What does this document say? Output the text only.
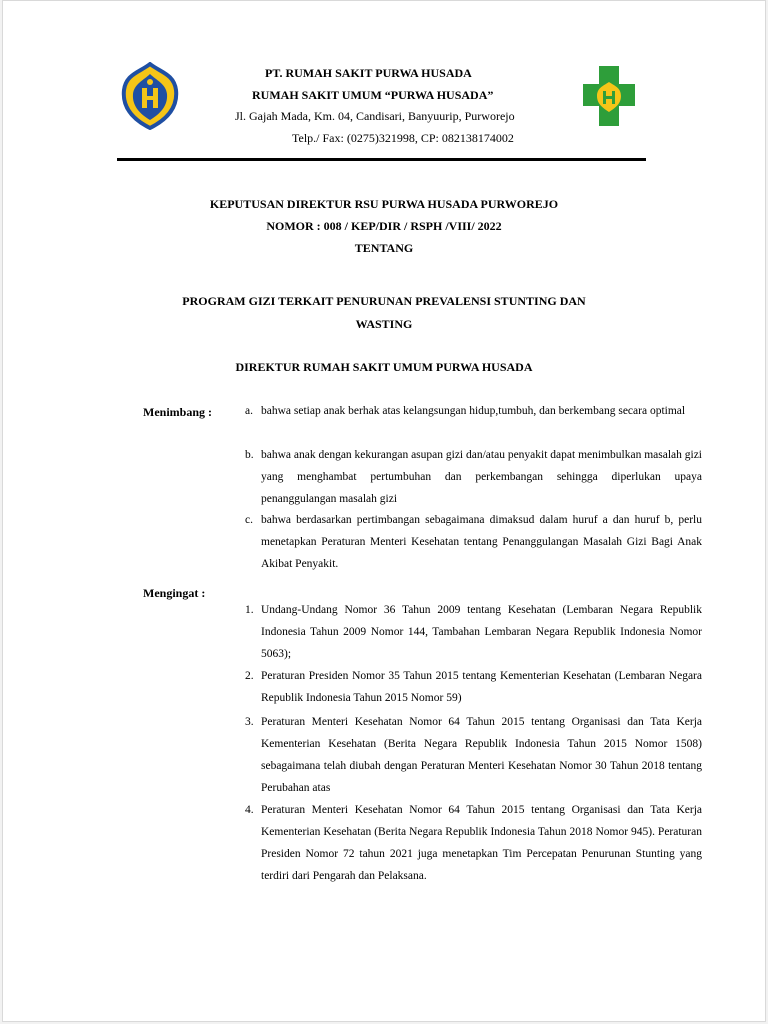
PT. RUMAH SAKIT PURWA HUSADA
RUMAH SAKIT UMUM “PURWA HUSADA”
Jl. Gajah Mada, Km. 04, Candisari, Banyuurip, Purworejo
Telp./ Fax: (0275)321998, CP: 082138174002
KEPUTUSAN DIREKTUR RSU PURWA HUSADA PURWOREJO
NOMOR : 008 / KEP/DIR / RSPH /VIII/ 2022
TENTANG
PROGRAM GIZI TERKAIT PENURUNAN PREVALENSI STUNTING DAN
WASTING
DIREKTUR RUMAH SAKIT UMUM PURWA HUSADA
Menimbang :	a. bahwa setiap anak berhak atas kelangsungan hidup,tumbuh, dan berkembang secara optimal
b. bahwa anak dengan kekurangan asupan gizi dan/atau penyakit dapat menimbulkan masalah gizi yang menghambat pertumbuhan dan perkembangan sehingga diperlukan upaya penanggulangan masalah gizi
c. bahwa berdasarkan pertimbangan sebagaimana dimaksud dalam huruf a dan huruf b, perlu menetapkan Peraturan Menteri Kesehatan tentang Penanggulangan Masalah Gizi Bagi Anak Akibat Penyakit.
Mengingat :
1. Undang-Undang Nomor 36 Tahun 2009 tentang Kesehatan (Lembaran Negara Republik Indonesia Tahun 2009 Nomor 144, Tambahan Lembaran Negara Republik Indonesia Nomor 5063);
2. Peraturan Presiden Nomor 35 Tahun 2015 tentang Kementerian Kesehatan (Lembaran Negara Republik Indonesia Tahun 2015 Nomor 59)
3. Peraturan Menteri Kesehatan Nomor 64 Tahun 2015 tentang Organisasi dan Tata Kerja Kementerian Kesehatan (Berita Negara Republik Indonesia Tahun 2015 Nomor 1508) sebagaimana telah diubah dengan Peraturan Menteri Kesehatan Nomor 30 Tahun 2018 tentang Perubahan atas
4. Peraturan Menteri Kesehatan Nomor 64 Tahun 2015 tentang Organisasi dan Tata Kerja Kementerian Kesehatan (Berita Negara Republik Indonesia Tahun 2018 Nomor 945). Peraturan Presiden Nomor 72 tahun 2021 juga menetapkan Tim Percepatan Penurunan Stunting yang terdiri dari Pengarah dan Pelaksana.
